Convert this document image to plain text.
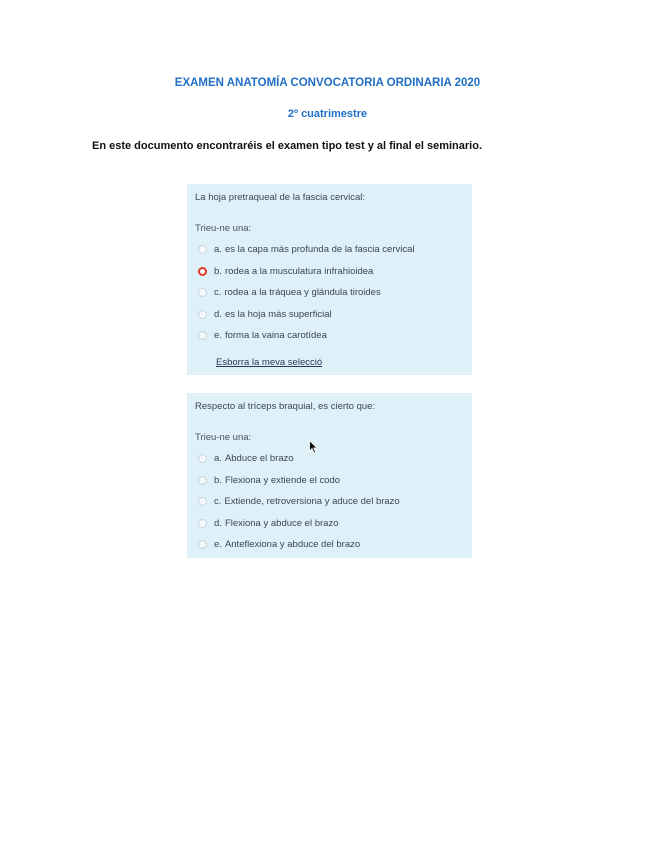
EXAMEN ANATOMÍA CONVOCATORIA ORDINARIA 2020
2º cuatrimestre

En este documento encontraréis el examen tipo test y al final el seminario.

La hoja pretraqueal de la fascia cervical:

Trieu-ne una:

a. es la capa más profunda de la fascia cervical
b. rodea a la musculatura infrahioidea
c. rodea a la tráquea y glándula tiroides
d. es la hoja más superficial
e. forma la vaina carotídea
Esborra la meva selecció

Respecto al tríceps braquial, es cierto que:

Trieu-ne una:

a. Abduce el brazo
b. Flexiona y extiende el codo
c. Extiende, retroversiona y aduce del brazo
d. Flexiona y abduce el brazo
e. Anteflexiona y abduce del brazo
